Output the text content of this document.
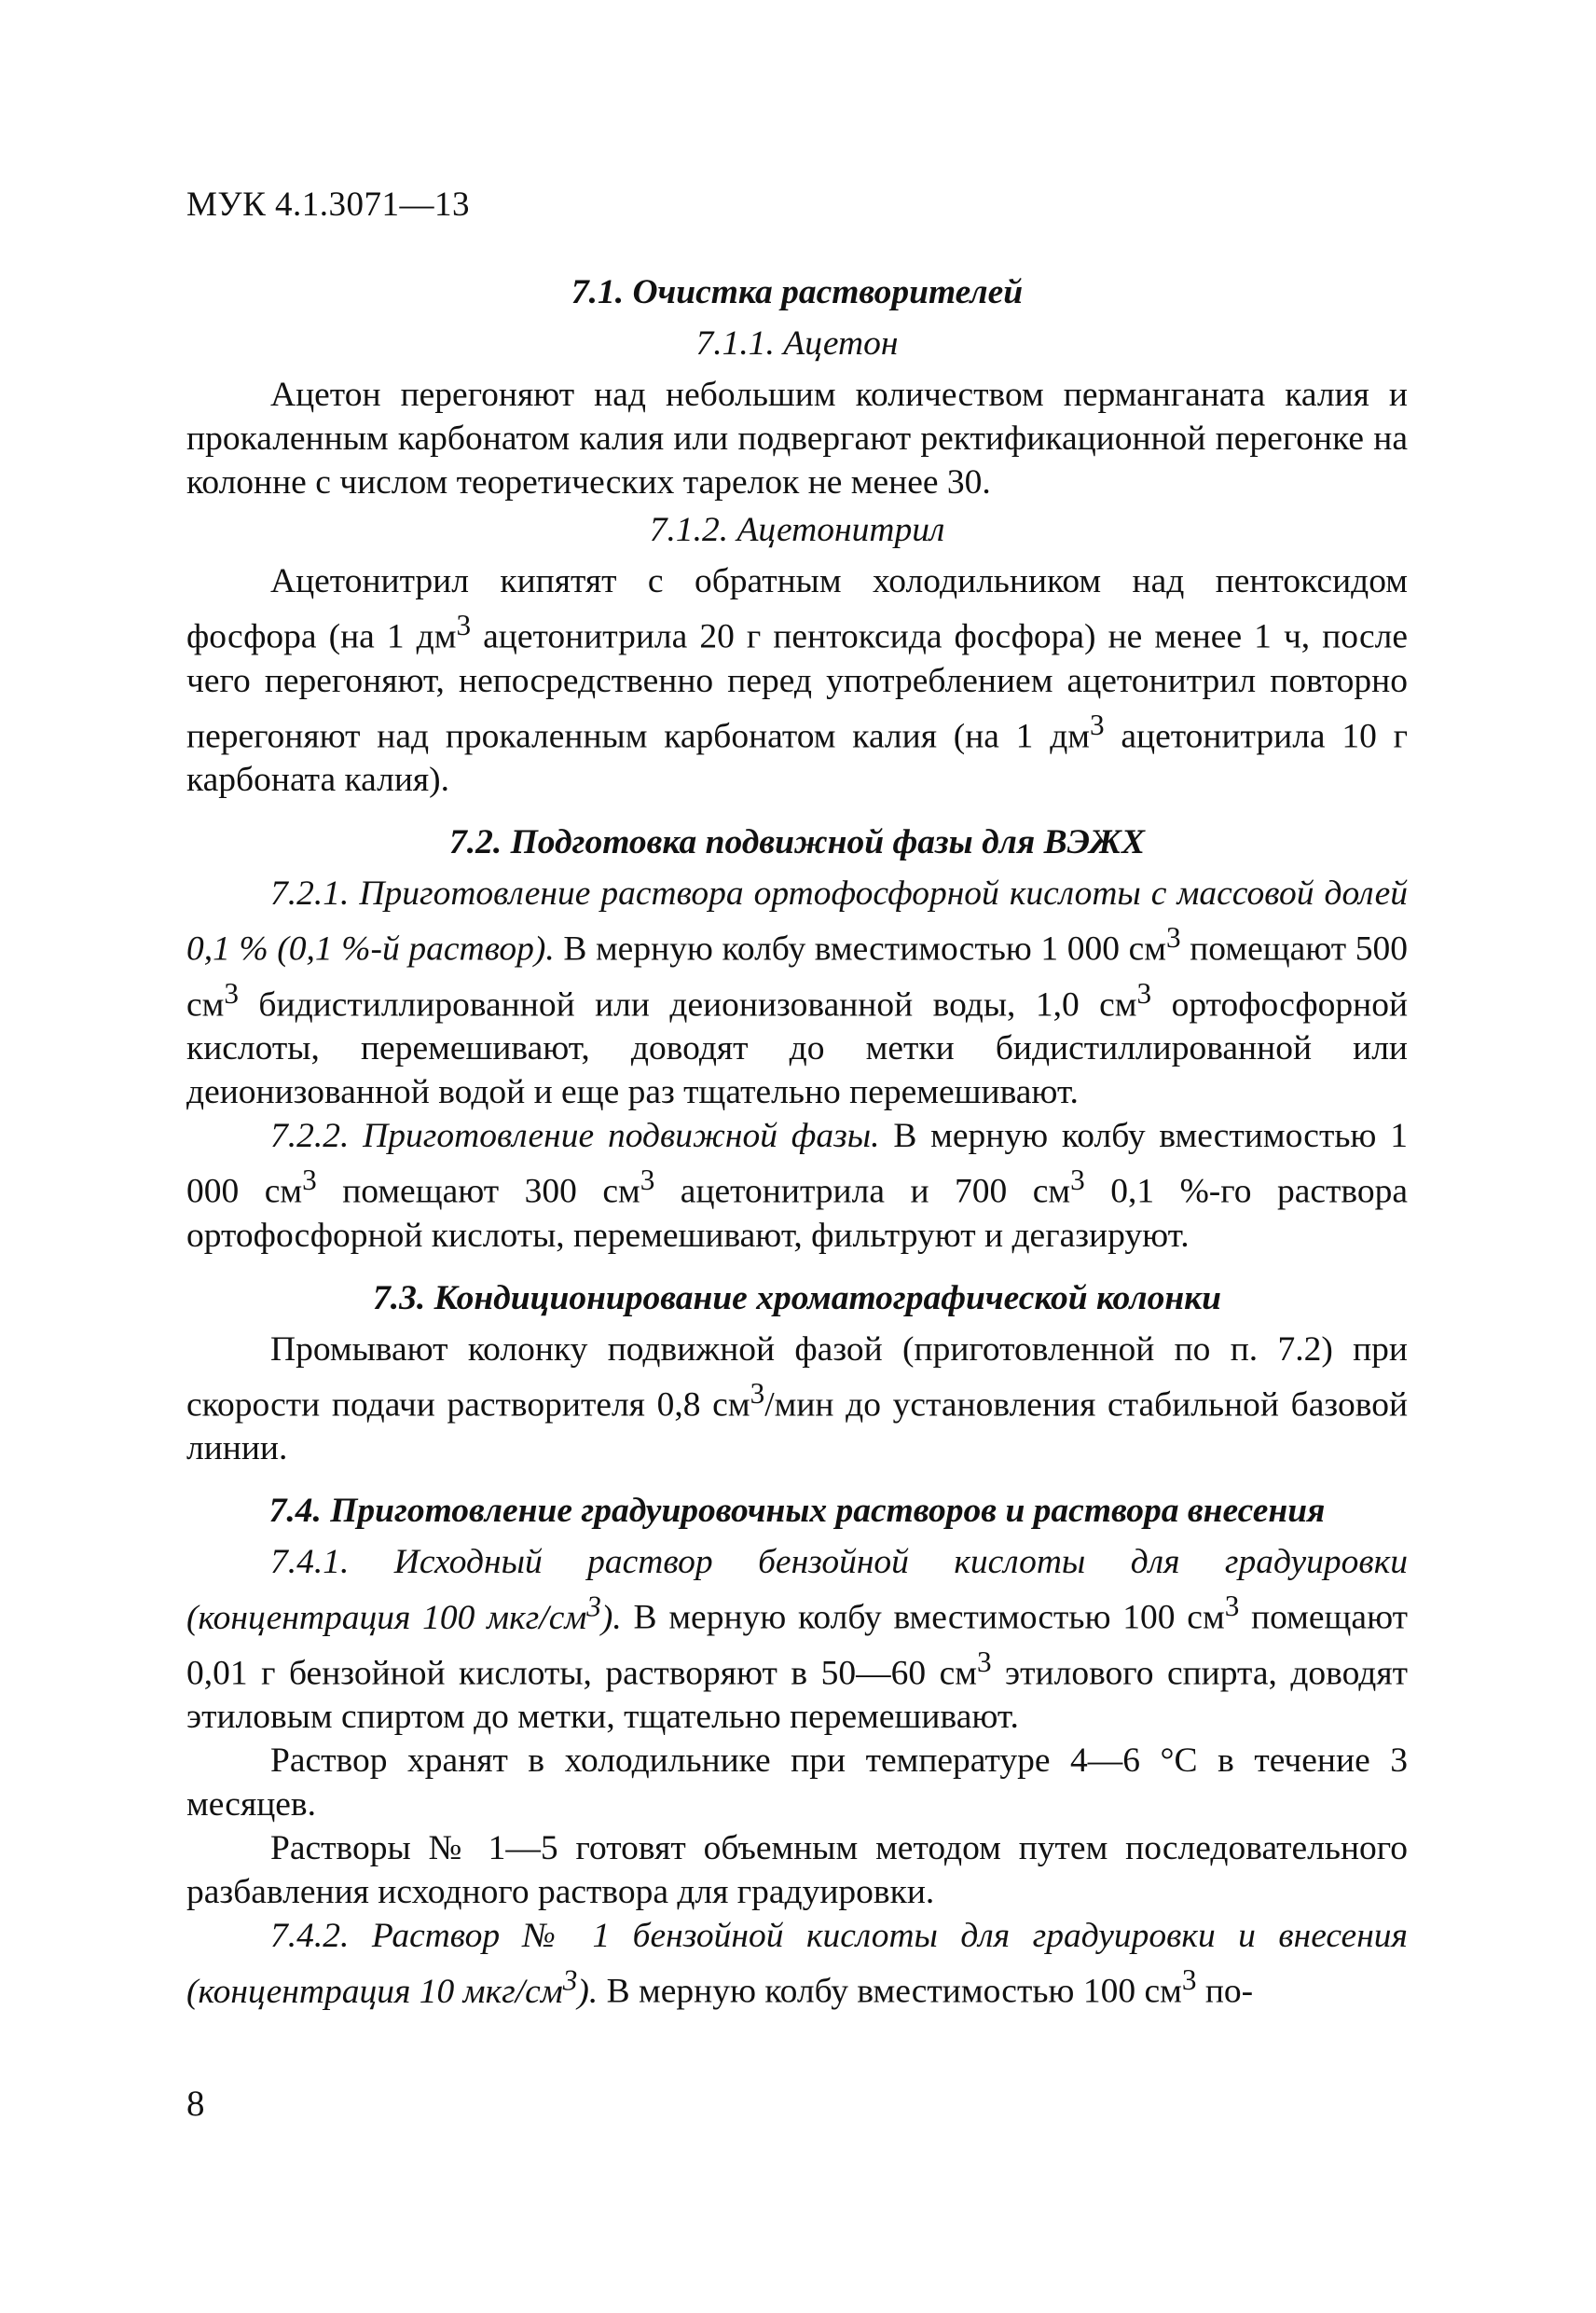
МУК 4.1.3071—13

7.1. Очистка растворителей

7.1.1. Ацетон

Ацетон перегоняют над небольшим количеством перманганата калия и прокаленным карбонатом калия или подвергают ректификационной перегонке на колонне с числом теоретических тарелок не менее 30.

7.1.2. Ацетонитрил

Ацетонитрил кипятят с обратным холодильником над пентоксидом фосфора (на 1 $дм^3$ ацетонитрила 20 г пентоксида фосфора) не менее 1 ч, после чего перегоняют, непосредственно перед употреблением ацетонитрил повторно перегоняют над прокаленным карбонатом калия (на 1 $дм^3$ ацетонитрила 10 г карбоната калия).

7.2. Подготовка подвижной фазы для ВЭЖХ

7.2.1. Приготовление раствора ортофосфорной кислоты с массовой долей 0,1 % (0,1 %-й раствор). В мерную колбу вместимостью 1 000 $см^3$ помещают 500 $см^3$ бидистиллированной или деионизованной воды, 1,0 $см^3$ ортофосфорной кислоты, перемешивают, доводят до метки бидистиллированной или деионизованной водой и еще раз тщательно перемешивают.

7.2.2. Приготовление подвижной фазы. В мерную колбу вместимостью 1 000 $см^3$ помещают 300 $см^3$ ацетонитрила и 700 $см^3$ 0,1 %-го раствора ортофосфорной кислоты, перемешивают, фильтруют и дегазируют.

7.3. Кондиционирование хроматографической колонки

Промывают колонку подвижной фазой (приготовленной по п. 7.2) при скорости подачи растворителя 0,8 $см^3$/мин до установления стабильной базовой линии.

7.4. Приготовление градуировочных растворов и раствора внесения

7.4.1. Исходный раствор бензойной кислоты для градуировки (концентрация 100 мкг/$см^3$). В мерную колбу вместимостью 100 $см^3$ помещают 0,01 г бензойной кислоты, растворяют в 50—60 $см^3$ этилового спирта, доводят этиловым спиртом до метки, тщательно перемешивают.

Раствор хранят в холодильнике при температуре 4—6 °C в течение 3 месяцев.

Растворы № 1—5 готовят объемным методом путем последовательного разбавления исходного раствора для градуировки.

7.4.2. Раствор № 1 бензойной кислоты для градуировки и внесения (концентрация 10 мкг/$см^3$). В мерную колбу вместимостью 100 $см^3$ по-

8
